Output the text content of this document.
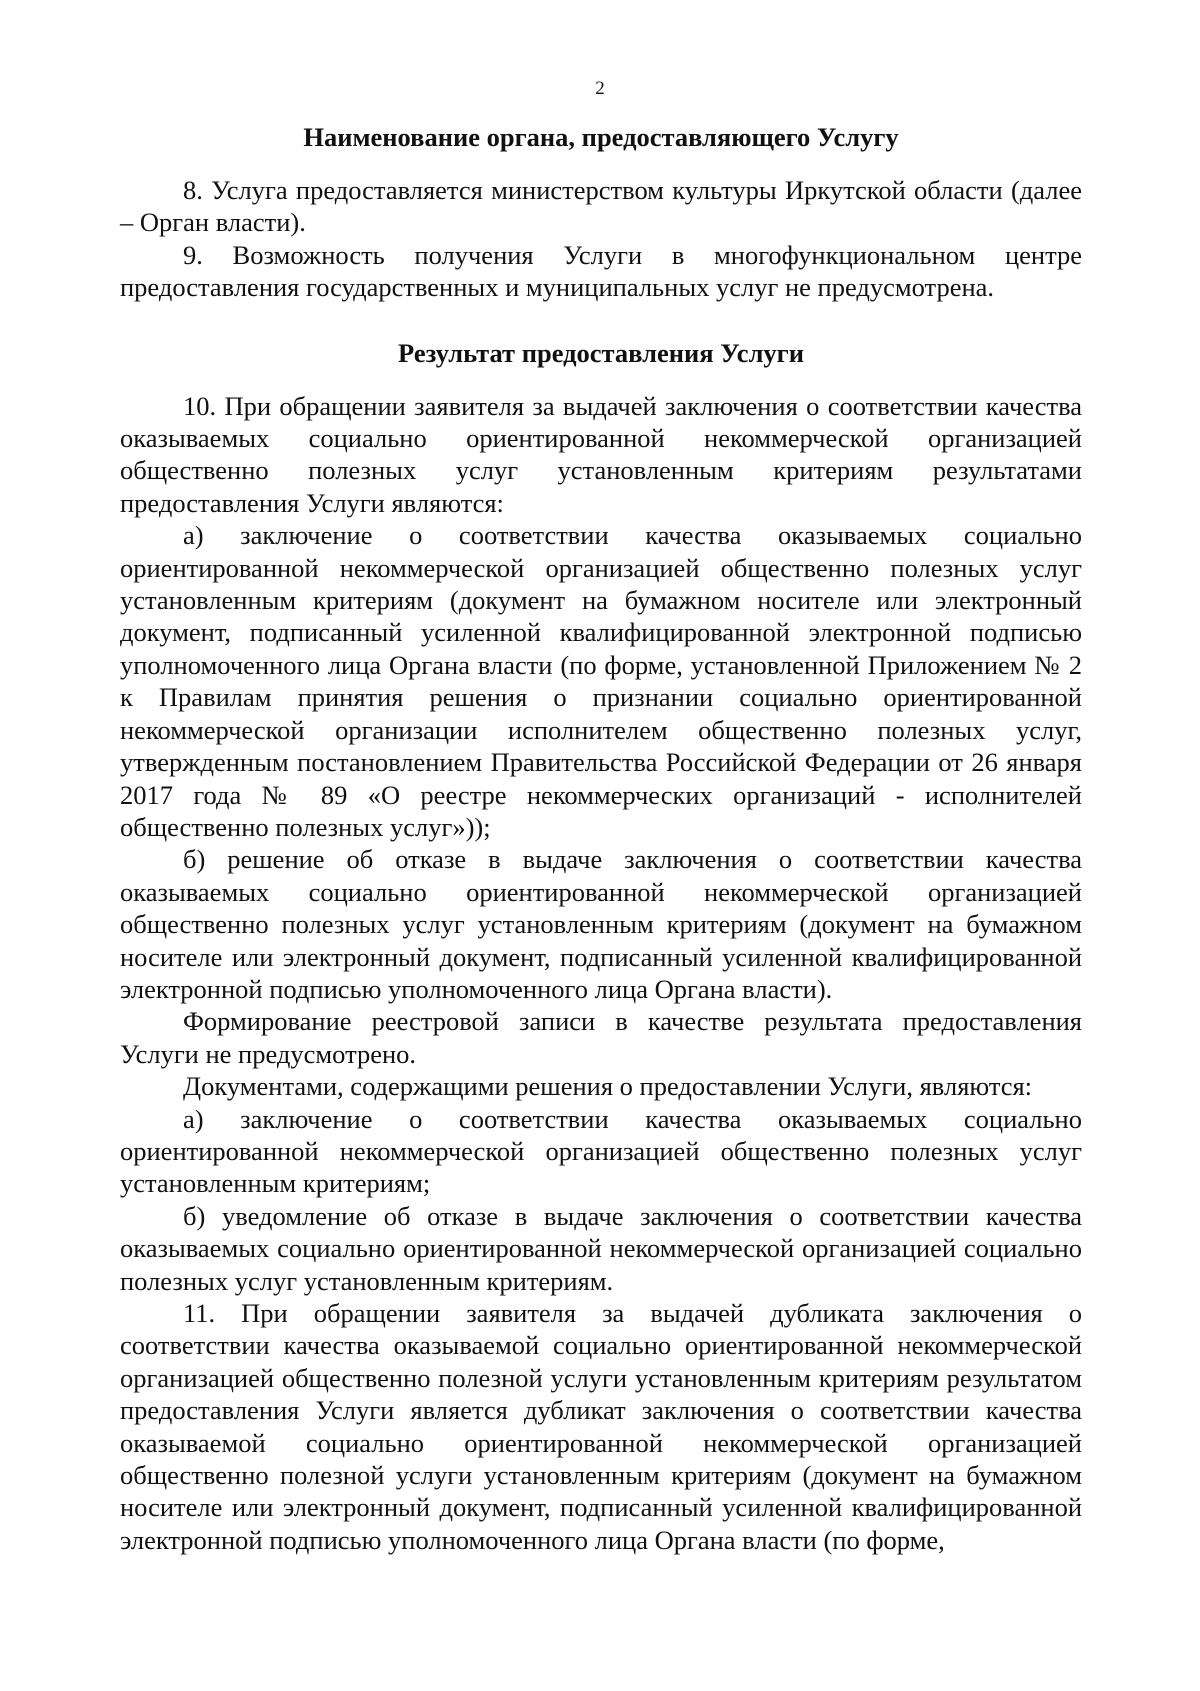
2
Наименование органа, предоставляющего Услугу

8. Услуга предоставляется министерством культуры Иркутской области (далее – Орган власти).

9. Возможность получения Услуги в многофункциональном центре предоставления государственных и муниципальных услуг не предусмотрена.

Результат предоставления Услуги

10. При обращении заявителя за выдачей заключения о соответствии качества оказываемых социально ориентированной некоммерческой организацией общественно полезных услуг установленным критериям результатами предоставления Услуги являются:

а) заключение о соответствии качества оказываемых социально ориентированной некоммерческой организацией общественно полезных услуг установленным критериям (документ на бумажном носителе или электронный документ, подписанный усиленной квалифицированной электронной подписью уполномоченного лица Органа власти (по форме, установленной Приложением № 2 к Правилам принятия решения о признании социально ориентированной некоммерческой организации исполнителем общественно полезных услуг, утвержденным постановлением Правительства Российской Федерации от 26 января 2017 года № 89 «О реестре некоммерческих организаций - исполнителей общественно полезных услуг»));

б) решение об отказе в выдаче заключения о соответствии качества оказываемых социально ориентированной некоммерческой организацией общественно полезных услуг установленным критериям (документ на бумажном носителе или электронный документ, подписанный усиленной квалифицированной электронной подписью уполномоченного лица Органа власти).

Формирование реестровой записи в качестве результата предоставления Услуги не предусмотрено.

Документами, содержащими решения о предоставлении Услуги, являются:

а) заключение о соответствии качества оказываемых социально ориентированной некоммерческой организацией общественно полезных услуг установленным критериям;

б) уведомление об отказе в выдаче заключения о соответствии качества оказываемых социально ориентированной некоммерческой организацией социально полезных услуг установленным критериям.

11. При обращении заявителя за выдачей дубликата заключения о соответствии качества оказываемой социально ориентированной некоммерческой организацией общественно полезной услуги установленным критериям результатом предоставления Услуги является дубликат заключения о соответствии качества оказываемой социально ориентированной некоммерческой организацией общественно полезной услуги установленным критериям (документ на бумажном носителе или электронный документ, подписанный усиленной квалифицированной электронной подписью уполномоченного лица Органа власти (по форме,
